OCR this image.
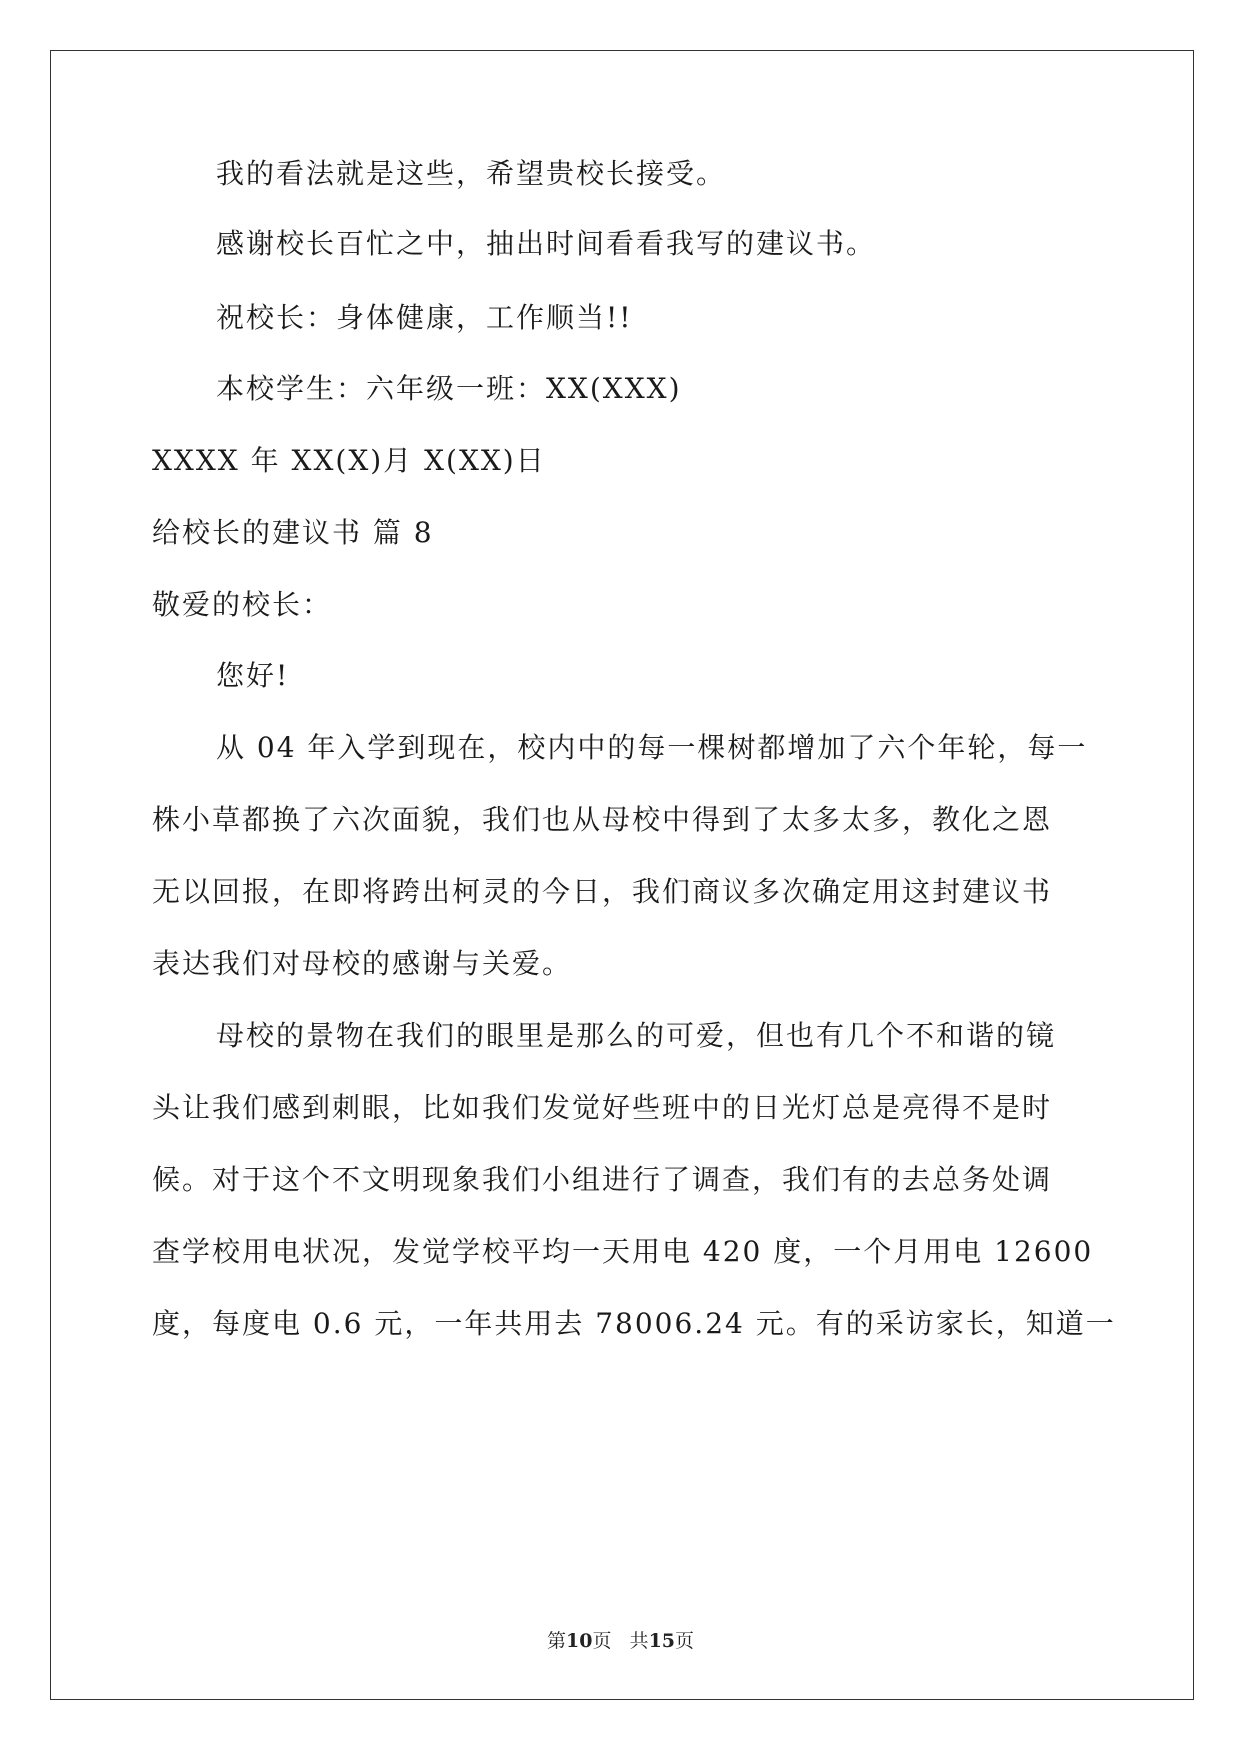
我的看法就是这些，希望贵校长接受。
感谢校长百忙之中，抽出时间看看我写的建议书。
祝校长：身体健康，工作顺当!!
本校学生：六年级一班：XX(XXX)
XXXX 年 XX(X)月 X(XX)日
给校长的建议书 篇 8
敬爱的校长：
您好!
从 04 年入学到现在，校内中的每一棵树都增加了六个年轮，每一
株小草都换了六次面貌，我们也从母校中得到了太多太多，教化之恩
无以回报，在即将跨出柯灵的今日，我们商议多次确定用这封建议书
表达我们对母校的感谢与关爱。
母校的景物在我们的眼里是那么的可爱，但也有几个不和谐的镜
头让我们感到刺眼，比如我们发觉好些班中的日光灯总是亮得不是时
候。对于这个不文明现象我们小组进行了调查，我们有的去总务处调
查学校用电状况，发觉学校平均一天用电 420 度，一个月用电 12600
度，每度电 0.6 元，一年共用去 78006.24 元。有的采访家长，知道一
第10页   共15页
